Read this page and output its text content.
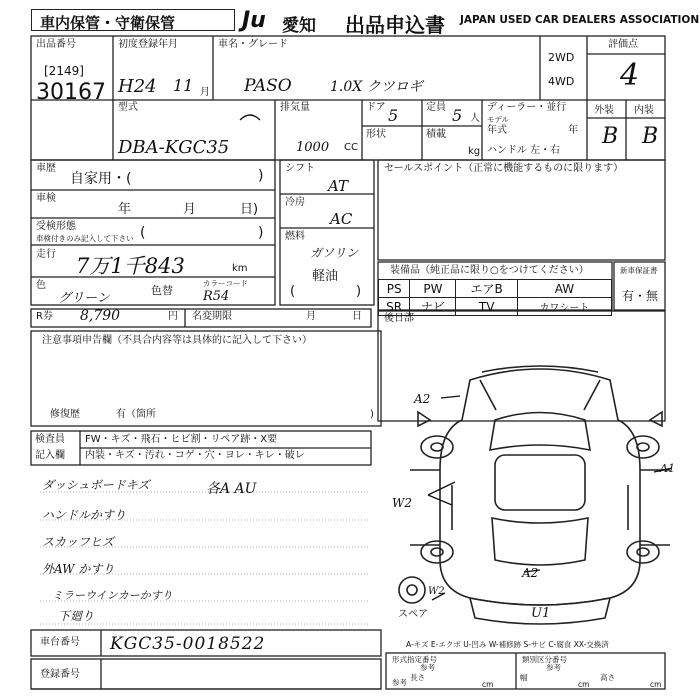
車内保管・守衛保管	Ju 愛知 出品申込書 JAPAN USED CAR DEALERS ASSOCIATION
出品番号
[2149]
30167
初度登録年月
H24 11 月
車名・グレード
PASO	1.0X クツロギ
2WD
4WD
評価点
4
型式
DBA-KGC35
排気量
1000 CC
ドア 5	定員 5 人
形状	積載
kg
ディーラー・並行
モデル
年式	年
ハンドル 左・右
外装 内装
B B
車歴
自家用・(	)
車検
年	月	日)
受検形態
車検付きのみ記入して下さい (	)
走行 7万1千843	km
色
グリーン
色替
カラーコード
R54
シフト
AT
冷房
AC
燃料
ガソリン
軽油
(	)
セールスポイント（正常に機能するものに限ります）
装備品（純正品に限り○をつけてください）
PS	PW	エアB	AW
SR	ナビ	TV	カワシート
新車保証書
有・無
R券 8,790	円 名変期限	月	日 後日部
注意事項申告欄（不具合内容等は具体的に記入して下さい）
修復歴	有（箇所	)
検査員
記入欄
FW・キズ・飛石・ヒビ割・リペア跡・X要
内装・キズ・汚れ・コゲ・穴・ヨレ・キレ・破レ
ダッシュボードキズ	各A AU
ハンドルかすり
スカッフヒズ
外AW かすり
ミラーウインカーかすり
下廻り
A2
W2
A1
A2
W2
U1
スペア
A-キズ E-エクボ U-凹み W-補修跡 S-サビ C-腐食 XX-交換済
車台番号 KGC35-0018522
登録番号
形式指定番号
参考
類別区分番号
参考
参考
長さ
cm
幅
cm
高さ
cm
